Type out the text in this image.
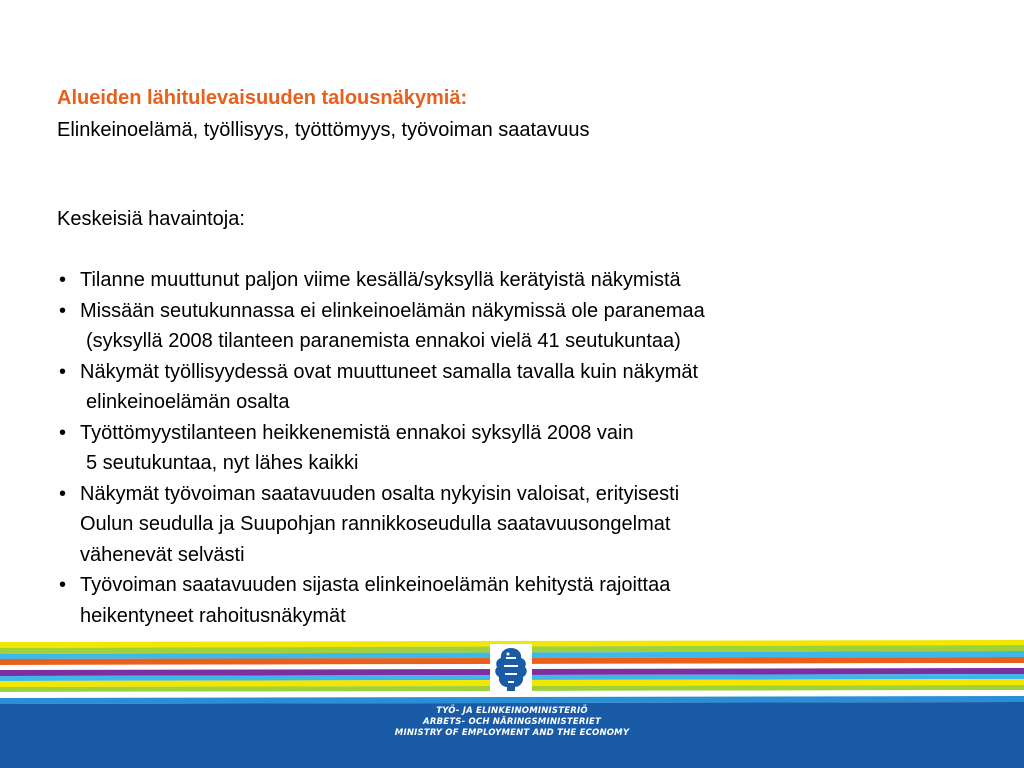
Alueiden lähitulevaisuuden talousnäkymiä:
Elinkeinoelämä, työllisyys, työttömyys, työvoiman saatavuus
Keskeisiä havaintoja:
• Tilanne muuttunut paljon viime kesällä/syksyllä kerätyistä näkymistä
• Missään seutukunnassa ei elinkeinoelämän näkymissä ole paranemaa
(syksyllä 2008 tilanteen paranemista ennakoi vielä 41 seutukuntaa)
• Näkymät työllisyydessä ovat muuttuneet samalla tavalla kuin näkymät
elinkeinoelämän osalta
• Työttömyystilanteen heikkenemistä ennakoi syksyllä 2008 vain
5 seutukuntaa, nyt lähes kaikki
• Näkymät työvoiman saatavuuden osalta nykyisin valoisat, erityisesti
Oulun seudulla ja Suupohjan rannikkoseudulla saatavuusongelmat
vähenevät selvästi
• Työvoiman saatavuuden sijasta elinkeinoelämän kehitystä rajoittaa
heikentyneet rahoitusnäkymät
TYÖ- JA ELINKEINOMINISTERIÖ
ARBETS- OCH NÄRINGSMINISTERIET
MINISTRY OF EMPLOYMENT AND THE ECONOMY
